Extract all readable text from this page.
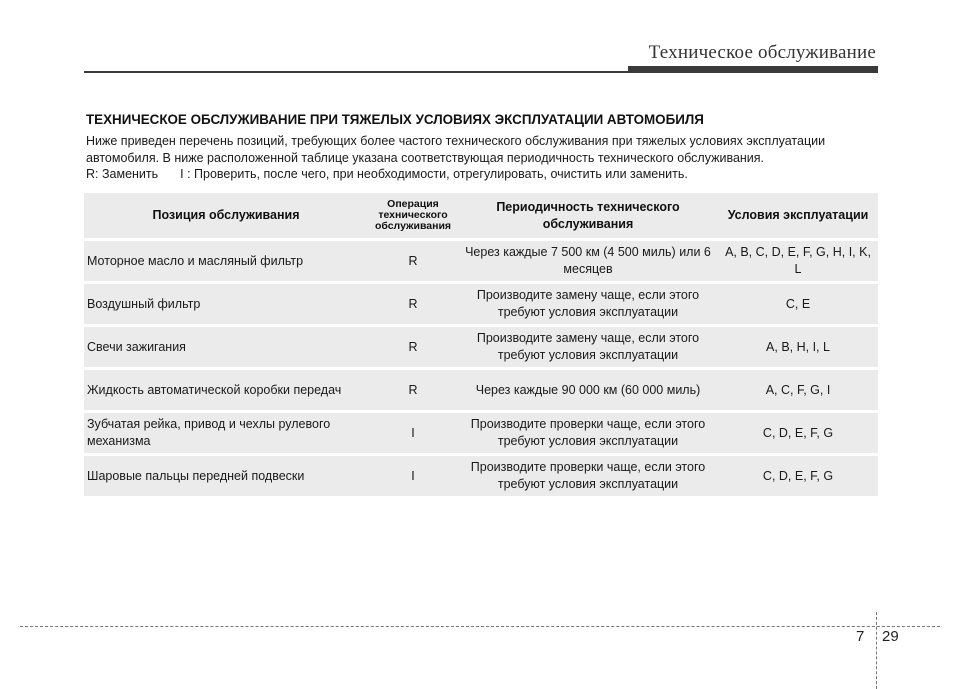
Техническое обслуживание
ТЕХНИЧЕСКОЕ ОБСЛУЖИВАНИЕ ПРИ ТЯЖЕЛЫХ УСЛОВИЯХ ЭКСПЛУАТАЦИИ АВТОМОБИЛЯ
Ниже приведен перечень позиций, требующих более частого технического обслуживания при тяжелых условиях эксплуатации автомобиля. В ниже расположенной таблице указана соответствующая периодичность технического обслуживания.
R: Заменить I : Проверить, после чего, при необходимости, отрегулировать, очистить или заменить.
Позиция обслуживания	Операция технического обслуживания	Периодичность технического обслуживания	Условия эксплуатации
Моторное масло и масляный фильтр	R	Через каждые 7 500 км (4 500 миль) или 6 месяцев	A, B, C, D, E, F, G, H, I, K, L
Воздушный фильтр	R	Производите замену чаще, если этого требуют условия эксплуатации	C, E
Свечи зажигания	R	Производите замену чаще, если этого требуют условия эксплуатации	A, B, H, I, L
Жидкость автоматической коробки передач	R	Через каждые 90 000 км (60 000 миль)	A, C, F, G, I
Зубчатая рейка, привод и чехлы рулевого механизма	I	Производите проверки чаще, если этого требуют условия эксплуатации	C, D, E, F, G
Шаровые пальцы передней подвески	I	Производите проверки чаще, если этого требуют условия эксплуатации	C, D, E, F, G
7 29
